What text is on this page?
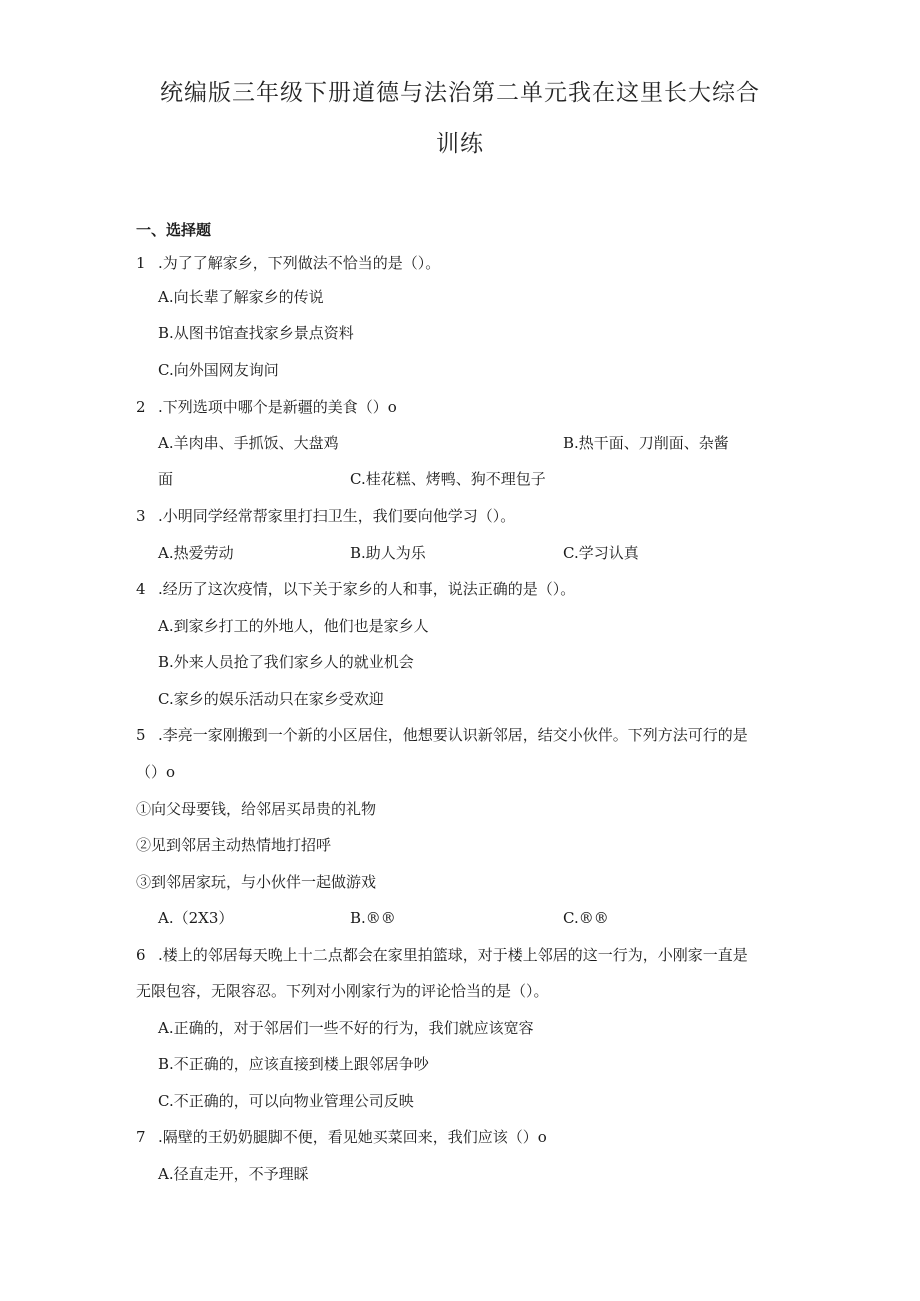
统编版三年级下册道德与法治第二单元我在这里长大综合
训练
一、选择题
1 .为了了解家乡，下列做法不恰当的是（）。
A.向长辈了解家乡的传说
B.从图书馆查找家乡景点资料
C.向外国网友询问
2 .下列选项中哪个是新疆的美食（）o
A.羊肉串、手抓饭、大盘鸡	B.热干面、刀削面、杂酱
面	C.桂花糕、烤鸭、狗不理包子
3 .小明同学经常帮家里打扫卫生，我们要向他学习（）。
A.热爱劳动	B.助人为乐	C.学习认真
4 .经历了这次疫情，以下关于家乡的人和事，说法正确的是（）。
A.到家乡打工的外地人，他们也是家乡人
B.外来人员抢了我们家乡人的就业机会
C.家乡的娱乐活动只在家乡受欢迎
5 .李亮一家刚搬到一个新的小区居住，他想要认识新邻居，结交小伙伴。下列方法可行的是
（）o
①向父母要钱，给邻居买昂贵的礼物
②见到邻居主动热情地打招呼
③到邻居家玩，与小伙伴一起做游戏
A.（2X3）	B.®®	C.®®
6 .楼上的邻居每天晚上十二点都会在家里拍篮球，对于楼上邻居的这一行为，小刚家一直是
无限包容，无限容忍。下列对小刚家行为的评论恰当的是（）。
A.正确的，对于邻居们一些不好的行为，我们就应该宽容
B.不正确的，应该直接到楼上跟邻居争吵
C.不正确的，可以向物业管理公司反映
7 .隔壁的王奶奶腿脚不便，看见她买菜回来，我们应该（）o
A.径直走开，不予理睬
